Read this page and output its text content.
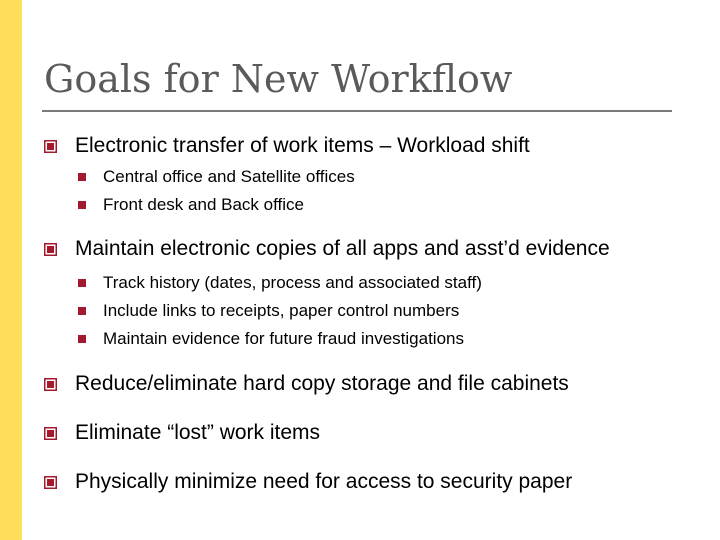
Goals for New Workflow
Electronic transfer of work items – Workload shift
Central office and Satellite offices
Front desk and Back office
Maintain electronic copies of all apps and asst’d evidence
Track history (dates, process and associated staff)
Include links to receipts, paper control numbers
Maintain evidence for future fraud investigations
Reduce/eliminate hard copy storage and file cabinets
Eliminate “lost” work items
Physically minimize need for access to security paper
